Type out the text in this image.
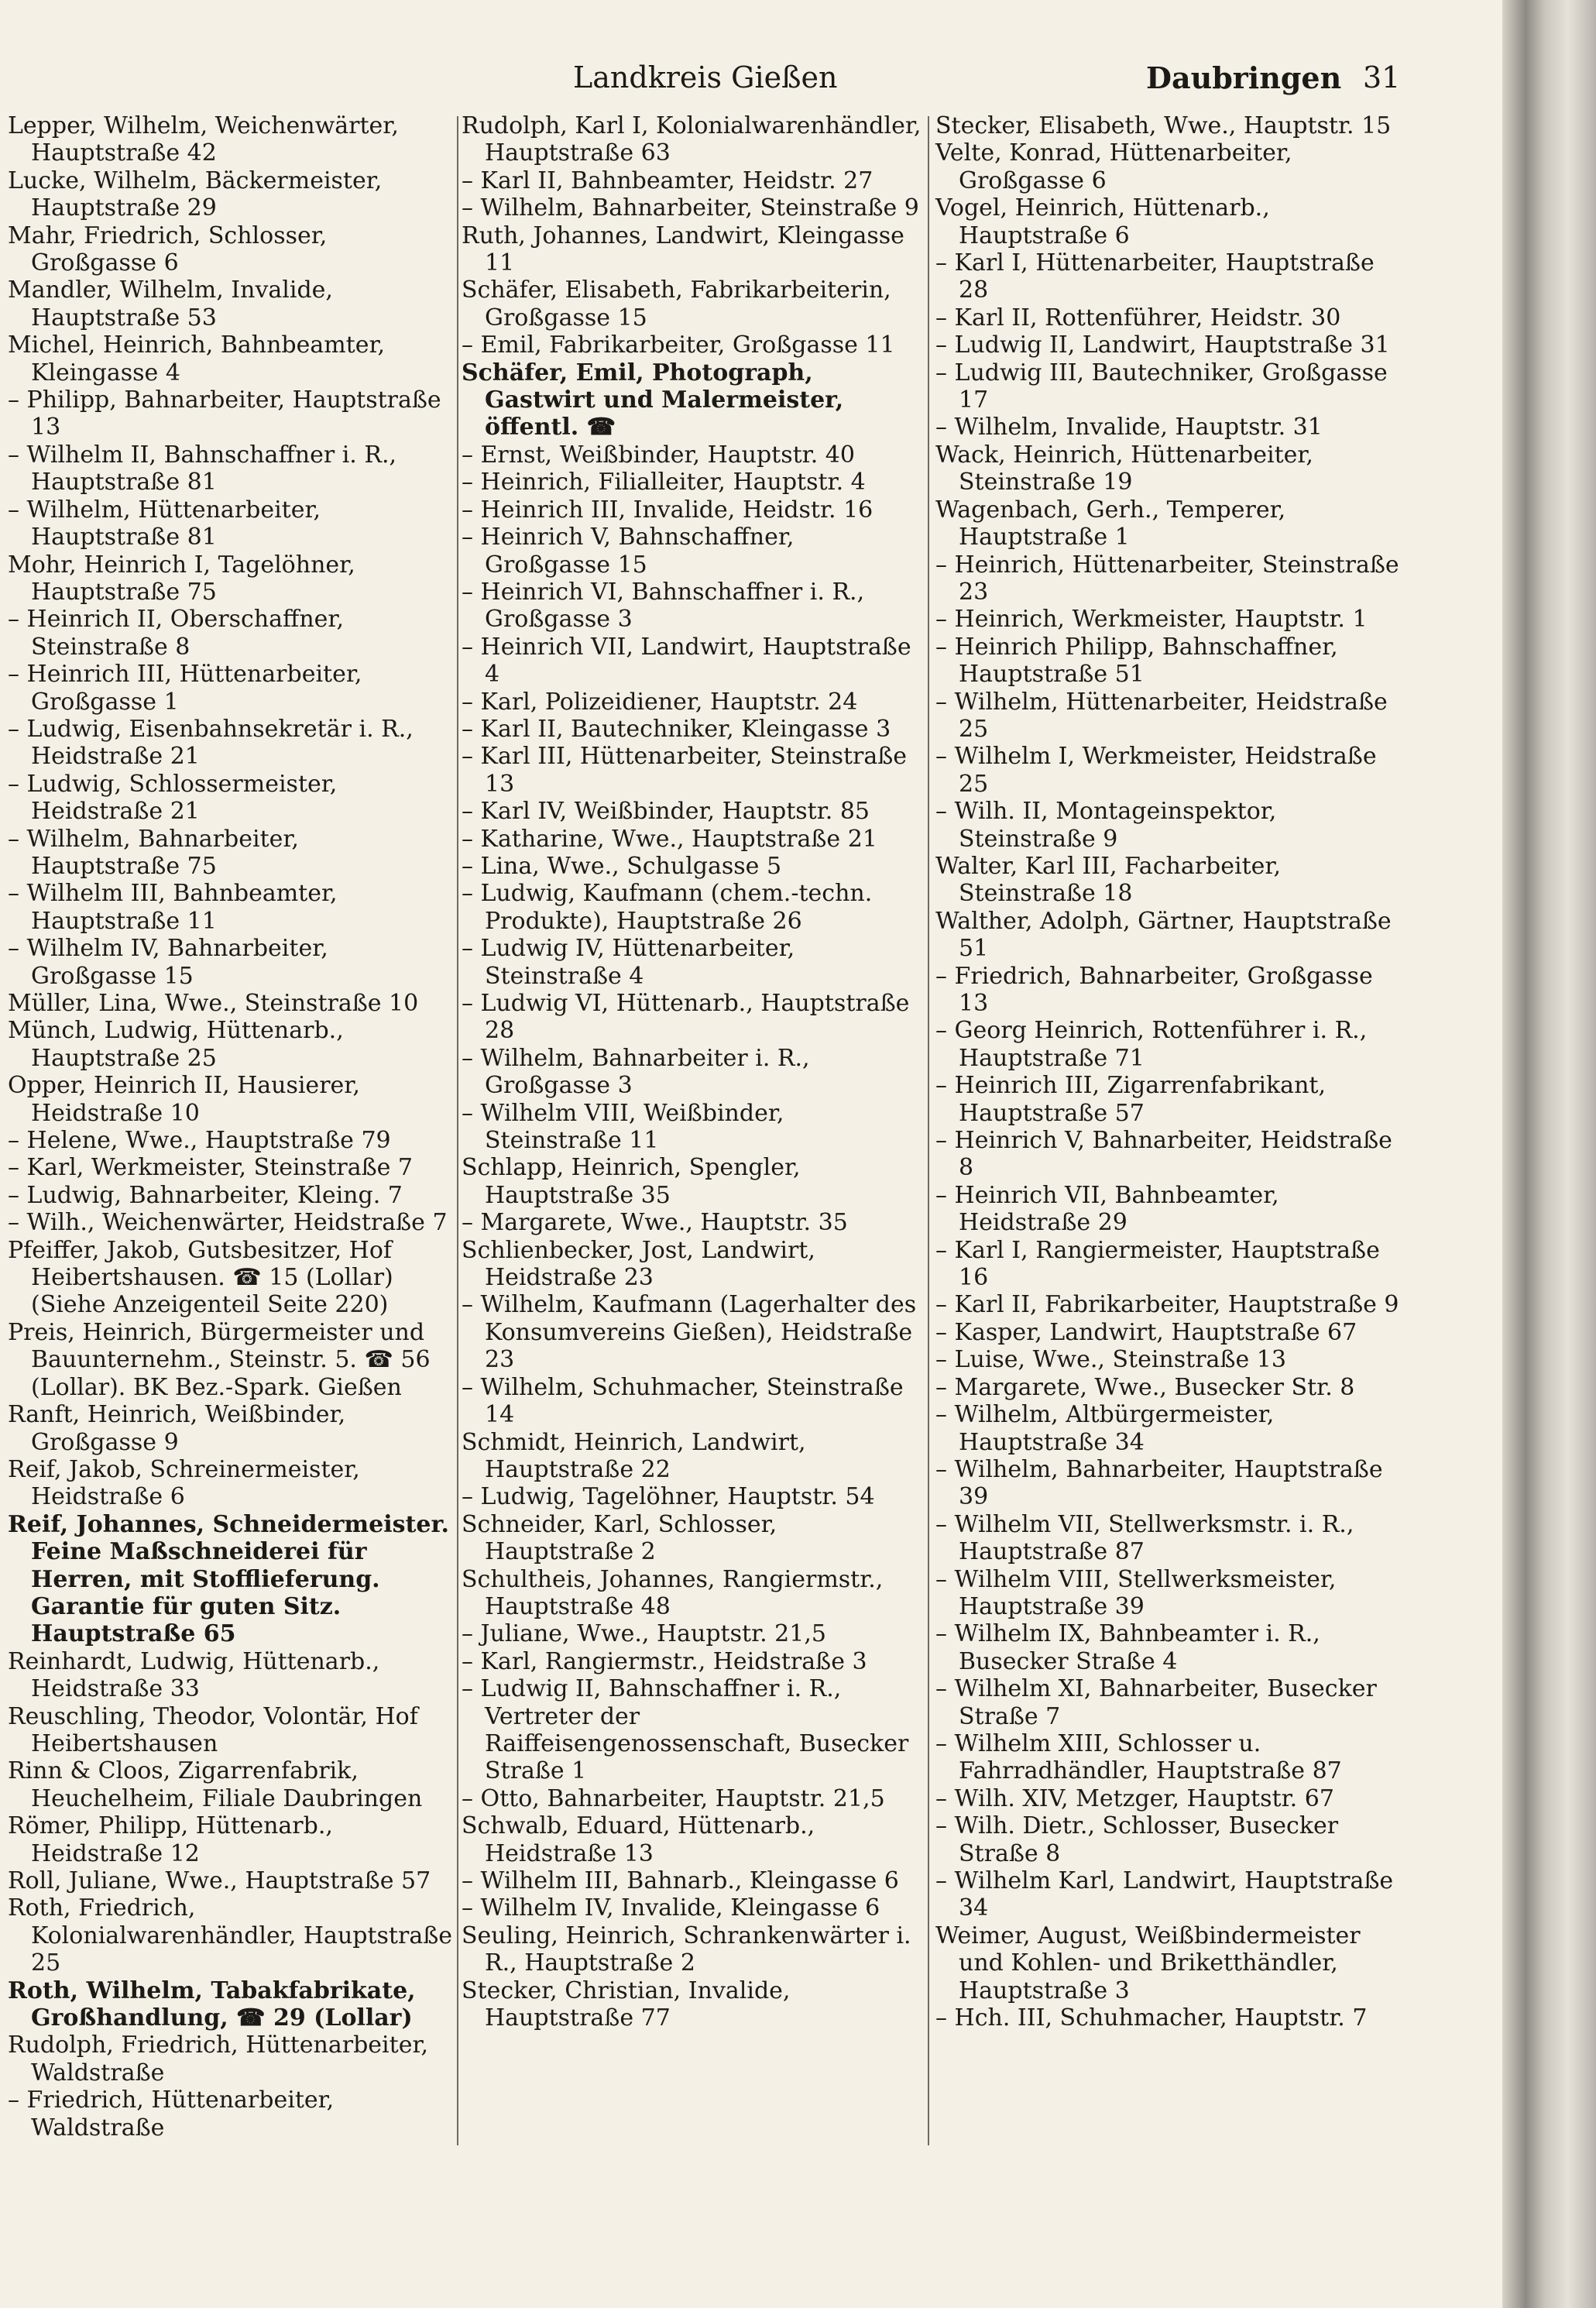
Landkreis Gießen	Daubringen 31

Lepper, Wilhelm, Weichenwärter, Hauptstraße 42

Lucke, Wilhelm, Bäckermeister, Hauptstraße 29

Mahr, Friedrich, Schlosser, Großgasse 6

Mandler, Wilhelm, Invalide, Hauptstraße 53

Michel, Heinrich, Bahnbeamter, Kleingasse 4

– Philipp, Bahnarbeiter, Hauptstraße 13

– Wilhelm II, Bahnschaffner i. R., Hauptstraße 81

– Wilhelm, Hüttenarbeiter, Hauptstraße 81

Mohr, Heinrich I, Tagelöhner, Hauptstraße 75

– Heinrich II, Oberschaffner, Steinstraße 8

– Heinrich III, Hüttenarbeiter, Großgasse 1

– Ludwig, Eisenbahnsekretär i. R., Heidstraße 21

– Ludwig, Schlossermeister, Heidstraße 21

– Wilhelm, Bahnarbeiter, Hauptstraße 75

– Wilhelm III, Bahnbeamter, Hauptstraße 11

– Wilhelm IV, Bahnarbeiter, Großgasse 15

Müller, Lina, Wwe., Steinstraße 10

Münch, Ludwig, Hüttenarb., Hauptstraße 25

Opper, Heinrich II, Hausierer, Heidstraße 10

– Helene, Wwe., Hauptstraße 79

– Karl, Werkmeister, Steinstraße 7

– Ludwig, Bahnarbeiter, Kleing. 7

– Wilh., Weichenwärter, Heidstraße 7

Pfeiffer, Jakob, Gutsbesitzer, Hof Heibertshausen. ☎ 15 (Lollar) (Siehe Anzeigenteil Seite 220)

Preis, Heinrich, Bürgermeister und Bauunternehm., Steinstr. 5. ☎ 56 (Lollar). BK Bez.-Spark. Gießen

Ranft, Heinrich, Weißbinder, Großgasse 9

Reif, Jakob, Schreinermeister, Heidstraße 6

Reif, Johannes, Schneidermeister. Feine Maßschneiderei für Herren, mit Stofflieferung. Garantie für guten Sitz. Hauptstraße 65

Reinhardt, Ludwig, Hüttenarb., Heidstraße 33

Reuschling, Theodor, Volontär, Hof Heibertshausen

Rinn & Cloos, Zigarrenfabrik, Heuchelheim, Filiale Daubringen

Römer, Philipp, Hüttenarb., Heidstraße 12

Roll, Juliane, Wwe., Hauptstraße 57

Roth, Friedrich, Kolonialwarenhändler, Hauptstraße 25

Roth, Wilhelm, Tabakfabrikate, Großhandlung, ☎ 29 (Lollar)

Rudolph, Friedrich, Hüttenarbeiter, Waldstraße

– Friedrich, Hüttenarbeiter, Waldstraße

Rudolph, Karl I, Kolonialwarenhändler, Hauptstraße 63

– Karl II, Bahnbeamter, Heidstr. 27

– Wilhelm, Bahnarbeiter, Steinstraße 9

Ruth, Johannes, Landwirt, Kleingasse 11

Schäfer, Elisabeth, Fabrikarbeiterin, Großgasse 15

– Emil, Fabrikarbeiter, Großgasse 11

Schäfer, Emil, Photograph, Gastwirt und Malermeister, öffentl. ☎

– Ernst, Weißbinder, Hauptstr. 40

– Heinrich, Filialleiter, Hauptstr. 4

– Heinrich III, Invalide, Heidstr. 16

– Heinrich V, Bahnschaffner, Großgasse 15

– Heinrich VI, Bahnschaffner i. R., Großgasse 3

– Heinrich VII, Landwirt, Hauptstraße 4

– Karl, Polizeidiener, Hauptstr. 24

– Karl II, Bautechniker, Kleingasse 3

– Karl III, Hüttenarbeiter, Steinstraße 13

– Karl IV, Weißbinder, Hauptstr. 85

– Katharine, Wwe., Hauptstraße 21

– Lina, Wwe., Schulgasse 5

– Ludwig, Kaufmann (chem.-techn. Produkte), Hauptstraße 26

– Ludwig IV, Hüttenarbeiter, Steinstraße 4

– Ludwig VI, Hüttenarb., Hauptstraße 28

– Wilhelm, Bahnarbeiter i. R., Großgasse 3

– Wilhelm VIII, Weißbinder, Steinstraße 11

Schlapp, Heinrich, Spengler, Hauptstraße 35

– Margarete, Wwe., Hauptstr. 35

Schlienbecker, Jost, Landwirt, Heidstraße 23

– Wilhelm, Kaufmann (Lagerhalter des Konsumvereins Gießen), Heidstraße 23

– Wilhelm, Schuhmacher, Steinstraße 14

Schmidt, Heinrich, Landwirt, Hauptstraße 22

– Ludwig, Tagelöhner, Hauptstr. 54

Schneider, Karl, Schlosser, Hauptstraße 2

Schultheis, Johannes, Rangiermstr., Hauptstraße 48

– Juliane, Wwe., Hauptstr. 21,5

– Karl, Rangiermstr., Heidstraße 3

– Ludwig II, Bahnschaffner i. R., Vertreter der Raiffeisengenossenschaft, Busecker Straße 1

– Otto, Bahnarbeiter, Hauptstr. 21,5

Schwalb, Eduard, Hüttenarb., Heidstraße 13

– Wilhelm III, Bahnarb., Kleingasse 6

– Wilhelm IV, Invalide, Kleingasse 6

Seuling, Heinrich, Schrankenwärter i. R., Hauptstraße 2

Stecker, Christian, Invalide, Hauptstraße 77

Stecker, Elisabeth, Wwe., Hauptstr. 15

Velte, Konrad, Hüttenarbeiter, Großgasse 6

Vogel, Heinrich, Hüttenarb., Hauptstraße 6

– Karl I, Hüttenarbeiter, Hauptstraße 28

– Karl II, Rottenführer, Heidstr. 30

– Ludwig II, Landwirt, Hauptstraße 31

– Ludwig III, Bautechniker, Großgasse 17

– Wilhelm, Invalide, Hauptstr. 31

Wack, Heinrich, Hüttenarbeiter, Steinstraße 19

Wagenbach, Gerh., Temperer, Hauptstraße 1

– Heinrich, Hüttenarbeiter, Steinstraße 23

– Heinrich, Werkmeister, Hauptstr. 1

– Heinrich Philipp, Bahnschaffner, Hauptstraße 51

– Wilhelm, Hüttenarbeiter, Heidstraße 25

– Wilhelm I, Werkmeister, Heidstraße 25

– Wilh. II, Montageinspektor, Steinstraße 9

Walter, Karl III, Facharbeiter, Steinstraße 18

Walther, Adolph, Gärtner, Hauptstraße 51

– Friedrich, Bahnarbeiter, Großgasse 13

– Georg Heinrich, Rottenführer i. R., Hauptstraße 71

– Heinrich III, Zigarrenfabrikant, Hauptstraße 57

– Heinrich V, Bahnarbeiter, Heidstraße 8

– Heinrich VII, Bahnbeamter, Heidstraße 29

– Karl I, Rangiermeister, Hauptstraße 16

– Karl II, Fabrikarbeiter, Hauptstraße 9

– Kasper, Landwirt, Hauptstraße 67

– Luise, Wwe., Steinstraße 13

– Margarete, Wwe., Busecker Str. 8

– Wilhelm, Altbürgermeister, Hauptstraße 34

– Wilhelm, Bahnarbeiter, Hauptstraße 39

– Wilhelm VII, Stellwerksmstr. i. R., Hauptstraße 87

– Wilhelm VIII, Stellwerksmeister, Hauptstraße 39

– Wilhelm IX, Bahnbeamter i. R., Busecker Straße 4

– Wilhelm XI, Bahnarbeiter, Busecker Straße 7

– Wilhelm XIII, Schlosser u. Fahrradhändler, Hauptstraße 87

– Wilh. XIV, Metzger, Hauptstr. 67

– Wilh. Dietr., Schlosser, Busecker Straße 8

– Wilhelm Karl, Landwirt, Hauptstraße 34

Weimer, August, Weißbindermeister und Kohlen- und Briketthändler, Hauptstraße 3

– Hch. III, Schuhmacher, Hauptstr. 7
